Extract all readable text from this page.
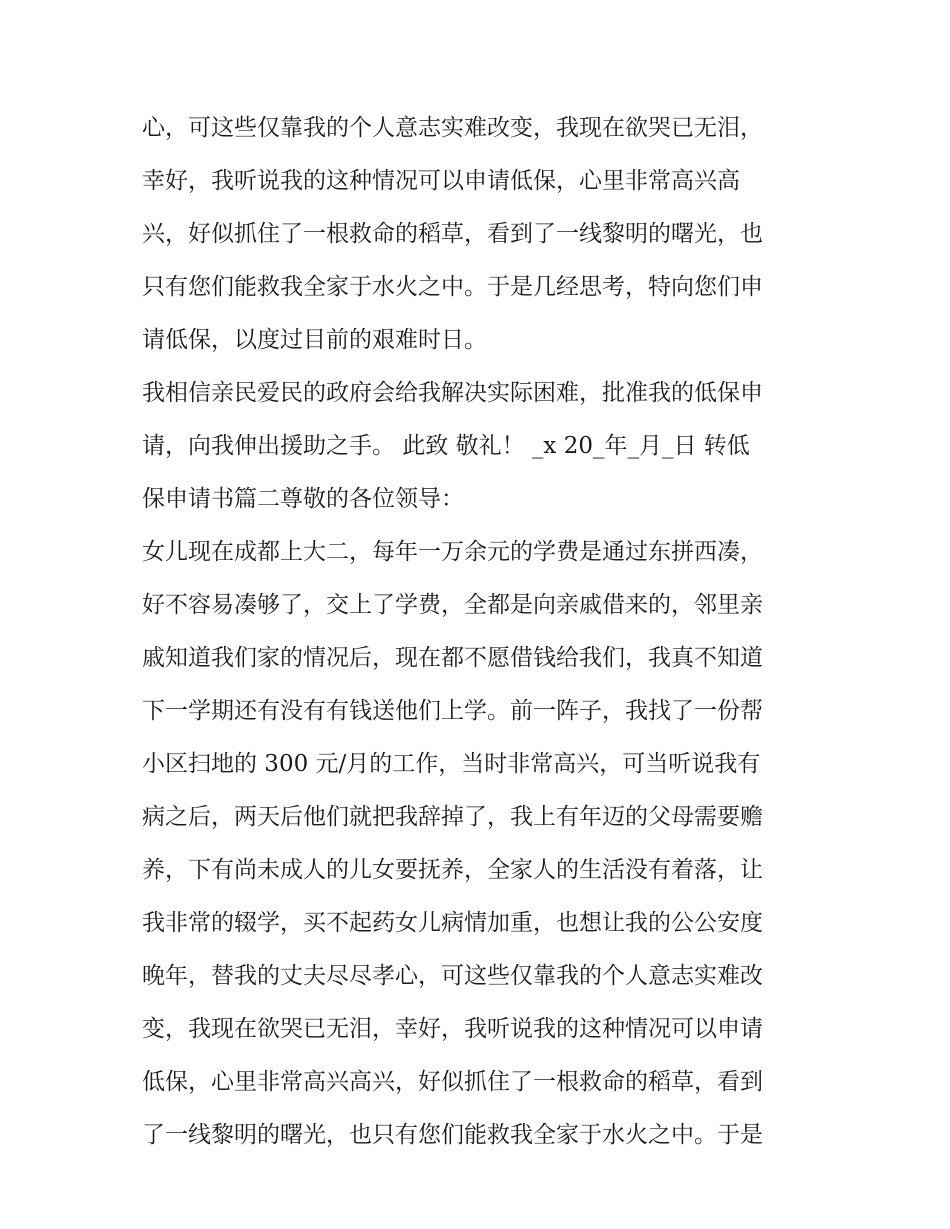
心，可这些仅靠我的个人意志实难改变，我现在欲哭已无泪，
幸好，我听说我的这种情况可以申请低保，心里非常高兴高
兴，好似抓住了一根救命的稻草，看到了一线黎明的曙光，也
只有您们能救我全家于水火之中。于是几经思考，特向您们申
请低保，以度过目前的艰难时日。
我相信亲民爱民的政府会给我解决实际困难，批准我的低保申
请，向我伸出援助之手。 此致 敬礼！ _x 20_年_月_日 转低
保申请书篇二尊敬的各位领导：
女儿现在成都上大二，每年一万余元的学费是通过东拼西凑，
好不容易凑够了，交上了学费，全都是向亲戚借来的，邻里亲
戚知道我们家的情况后，现在都不愿借钱给我们，我真不知道
下一学期还有没有有钱送他们上学。前一阵子，我找了一份帮
小区扫地的 300 元/月的工作，当时非常高兴，可当听说我有
病之后，两天后他们就把我辞掉了，我上有年迈的父母需要赡
养，下有尚未成人的儿女要抚养，全家人的生活没有着落，让
我非常的辍学，买不起药女儿病情加重，也想让我的公公安度
晚年，替我的丈夫尽尽孝心，可这些仅靠我的个人意志实难改
变，我现在欲哭已无泪，幸好，我听说我的这种情况可以申请
低保，心里非常高兴高兴，好似抓住了一根救命的稻草，看到
了一线黎明的曙光，也只有您们能救我全家于水火之中。于是
